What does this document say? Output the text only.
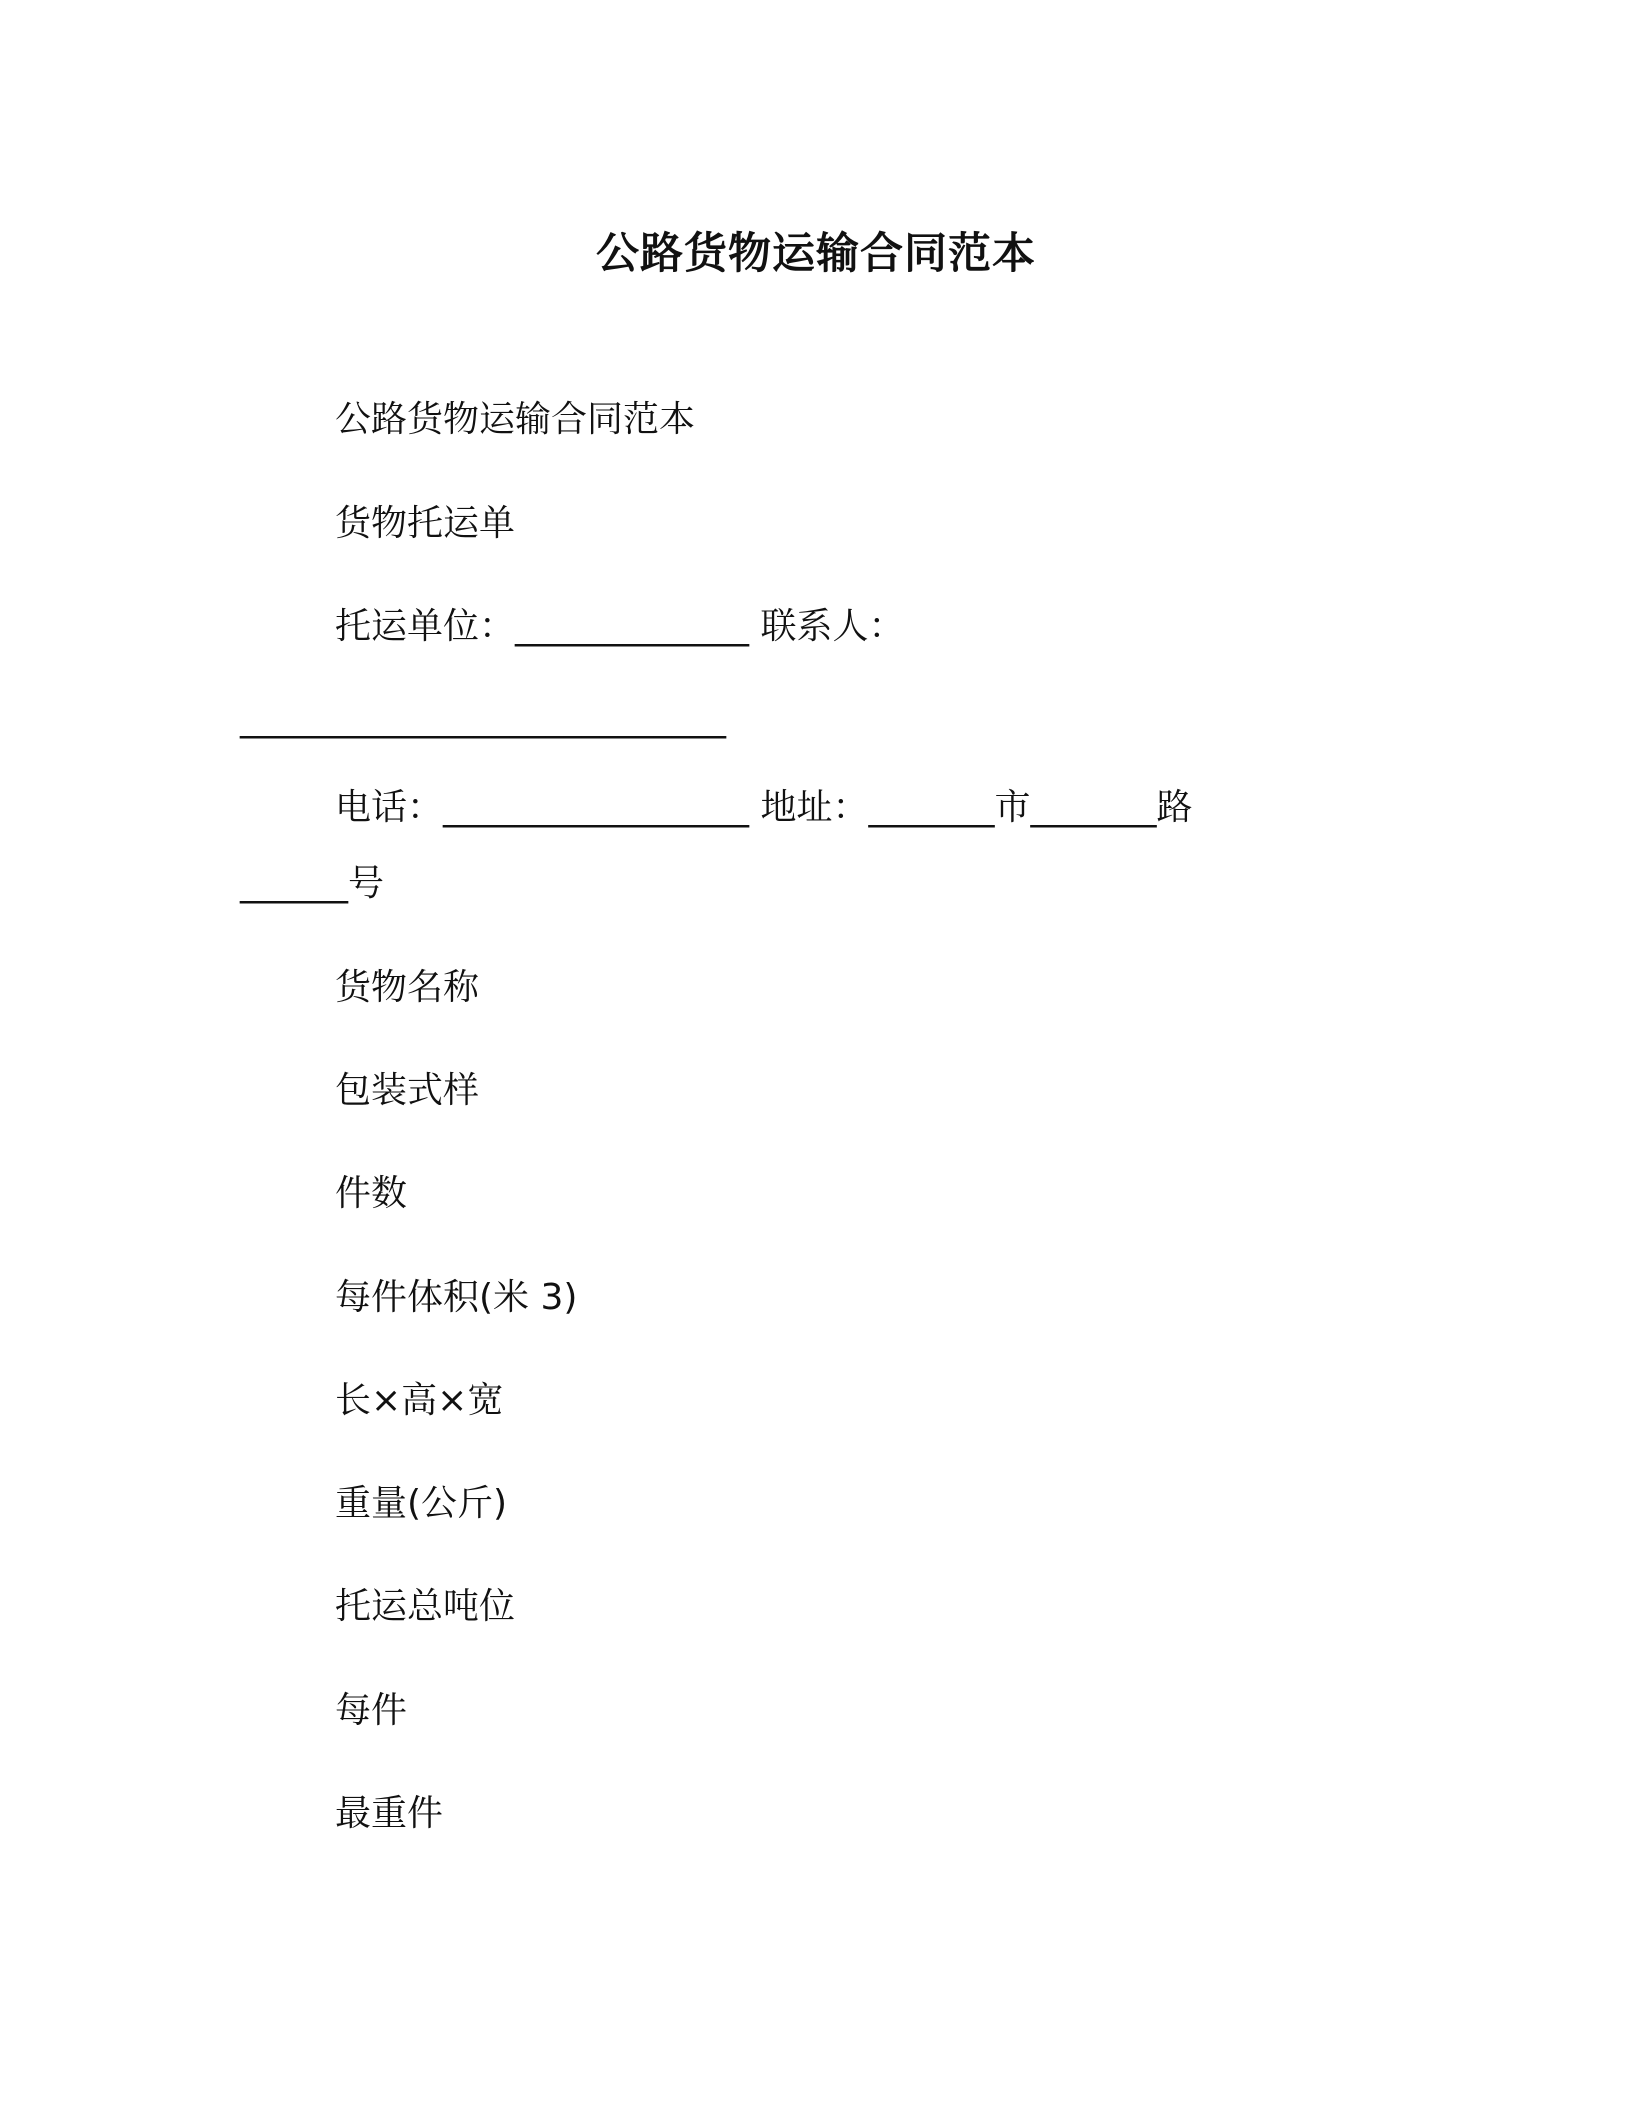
公路货物运输合同范本
公路货物运输合同范本
货物托运单
托运单位：_____________ 联系人：
___________________________
电话：_________________ 地址：_______市_______路
______号
货物名称
包装式样
件数
每件体积(米 3)
长×高×宽
重量(公斤)
托运总吨位
每件
最重件
